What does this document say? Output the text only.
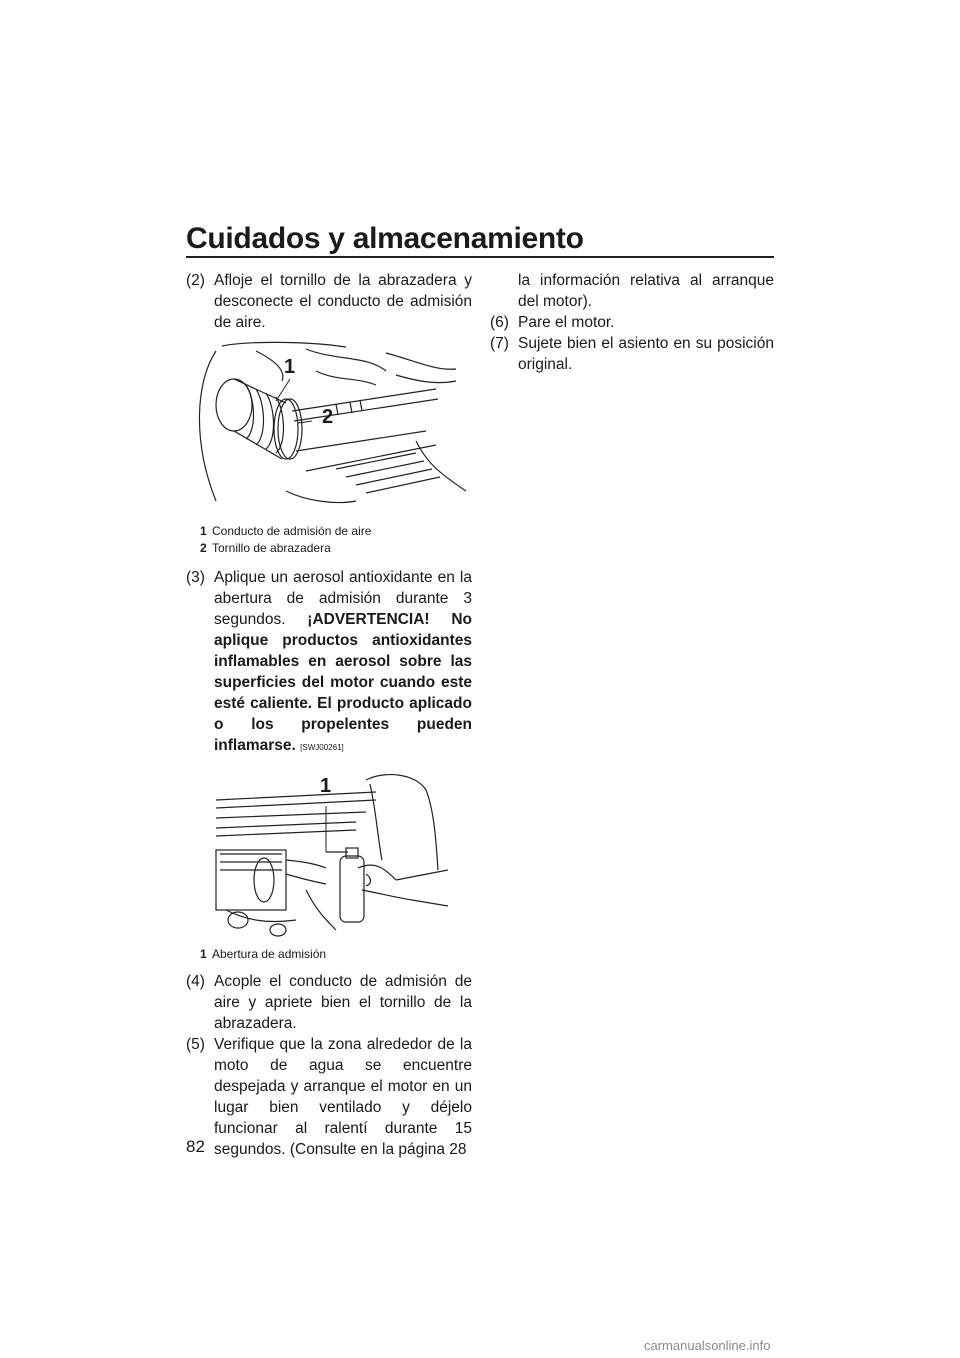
Cuidados y almacenamiento
(2) Afloje el tornillo de la abrazadera y desconecte el conducto de admisión de aire.
1
2
1 Conducto de admisión de aire
2 Tornillo de abrazadera
(3) Aplique un aerosol antioxidante en la abertura de admisión durante 3 segundos. ¡ADVERTENCIA! No aplique productos antioxidantes inflamables en aerosol sobre las superficies del motor cuando este esté caliente. El producto aplicado o los propelentes pueden inflamarse. [SWJ00261]
1
1 Abertura de admisión
(4) Acople el conducto de admisión de aire y apriete bien el tornillo de la abrazadera.
(5) Verifique que la zona alrededor de la moto de agua se encuentre despejada y arranque el motor en un lugar bien ventilado y déjelo funcionar al ralentí durante 15 segundos. (Consulte en la página 28
la información relativa al arranque del motor).
(6) Pare el motor.
(7) Sujete bien el asiento en su posición original.
82
carmanualsonline.info
